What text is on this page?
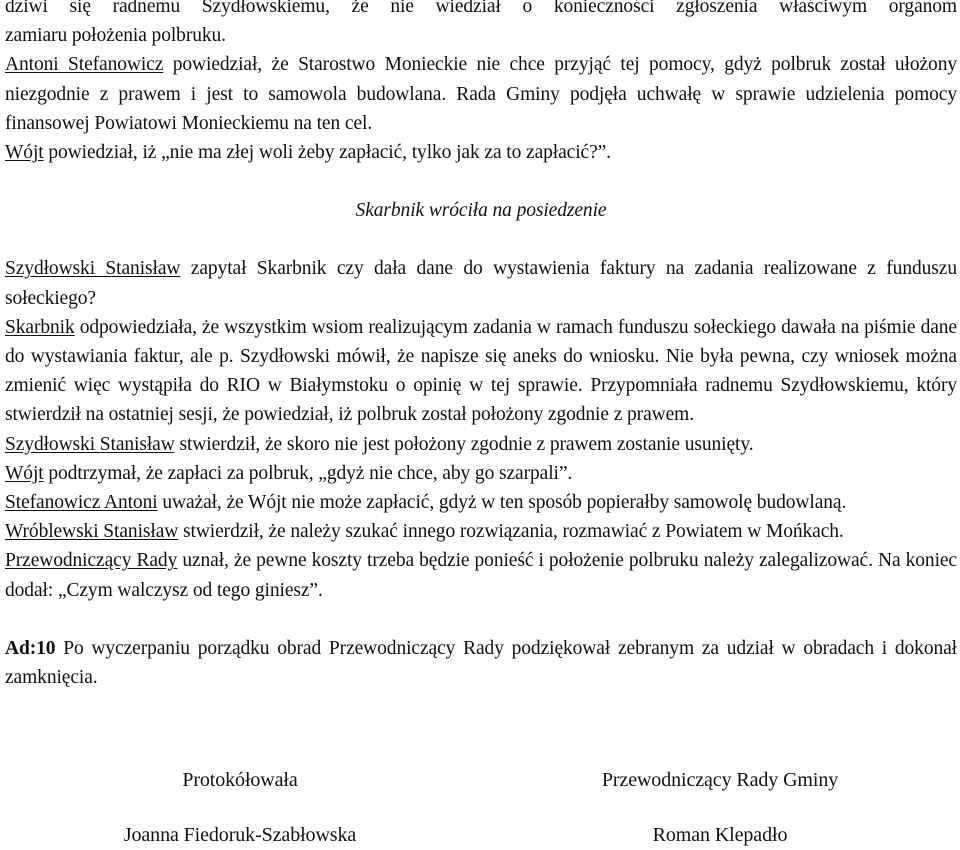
dziwi się radnemu Szydłowskiemu, że nie wiedział o konieczności zgłoszenia właściwym organom
zamiaru położenia polbruku.

Antoni Stefanowicz powiedział, że Starostwo Monieckie nie chce przyjąć tej pomocy, gdyż polbruk został ułożony niezgodnie z prawem i jest to samowola budowlana. Rada Gminy podjęła uchwałę w sprawie udzielenia pomocy finansowej Powiatowi Monieckiemu na ten cel.

Wójt powiedział, iż „nie ma złej woli żeby zapłacić, tylko jak za to zapłacić?”.

Skarbnik wróciła na posiedzenie

Szydłowski Stanisław zapytał Skarbnik czy dała dane do wystawienia faktury na zadania realizowane z funduszu sołeckiego?

Skarbnik odpowiedziała, że wszystkim wsiom realizującym zadania w ramach funduszu sołeckiego dawała na piśmie dane do wystawiania faktur, ale p. Szydłowski mówił, że napisze się aneks do wniosku. Nie była pewna, czy wniosek można zmienić więc wystąpiła do RIO w Białymstoku o opinię w tej sprawie. Przypomniała radnemu Szydłowskiemu, który stwierdził na ostatniej sesji, że powiedział, iż polbruk został położony zgodnie z prawem.

Szydłowski Stanisław stwierdził, że skoro nie jest położony zgodnie z prawem zostanie usunięty.

Wójt podtrzymał, że zapłaci za polbruk, „gdyż nie chce, aby go szarpali”.

Stefanowicz Antoni uważał, że Wójt nie może zapłacić, gdyż w ten sposób popierałby samowolę budowlaną.

Wróblewski Stanisław stwierdził, że należy szukać innego rozwiązania, rozmawiać z Powiatem w Mońkach.

Przewodniczący Rady uznał, że pewne koszty trzeba będzie ponieść i położenie polbruku należy zalegalizować. Na koniec dodał: „Czym walczysz od tego giniesz”.

Ad:10 Po wyczerpaniu porządku obrad Przewodniczący Rady podziękował zebranym za udział w obradach i dokonał zamknięcia.

Protokółowała
Joanna Fiedoruk-Szabłowska
Przewodniczący Rady Gminy
Roman Klepadło
